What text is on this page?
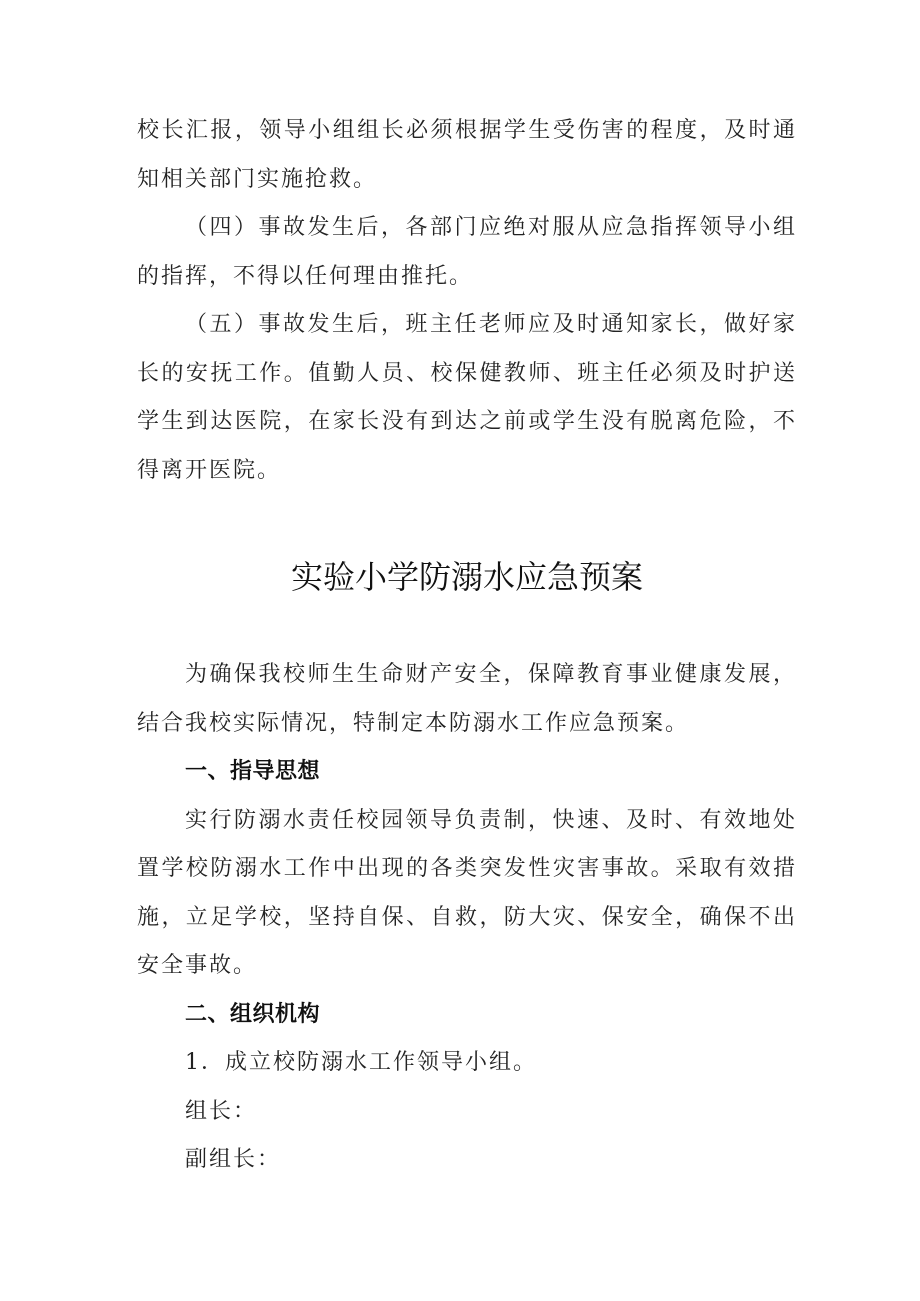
校长汇报，领导小组组长必须根据学生受伤害的程度，及时通知相关部门实施抢救。

（四）事故发生后，各部门应绝对服从应急指挥领导小组的指挥，不得以任何理由推托。

（五）事故发生后，班主任老师应及时通知家长，做好家长的安抚工作。值勤人员、校保健教师、班主任必须及时护送学生到达医院，在家长没有到达之前或学生没有脱离危险，不得离开医院。

实验小学防溺水应急预案

为确保我校师生生命财产安全，保障教育事业健康发展，结合我校实际情况，特制定本防溺水工作应急预案。

一、指导思想

实行防溺水责任校园领导负责制，快速、及时、有效地处置学校防溺水工作中出现的各类突发性灾害事故。采取有效措施，立足学校，坚持自保、自救，防大灾、保安全，确保不出安全事故。

二、组织机构

1．成立校防溺水工作领导小组。

组长：

副组长：
